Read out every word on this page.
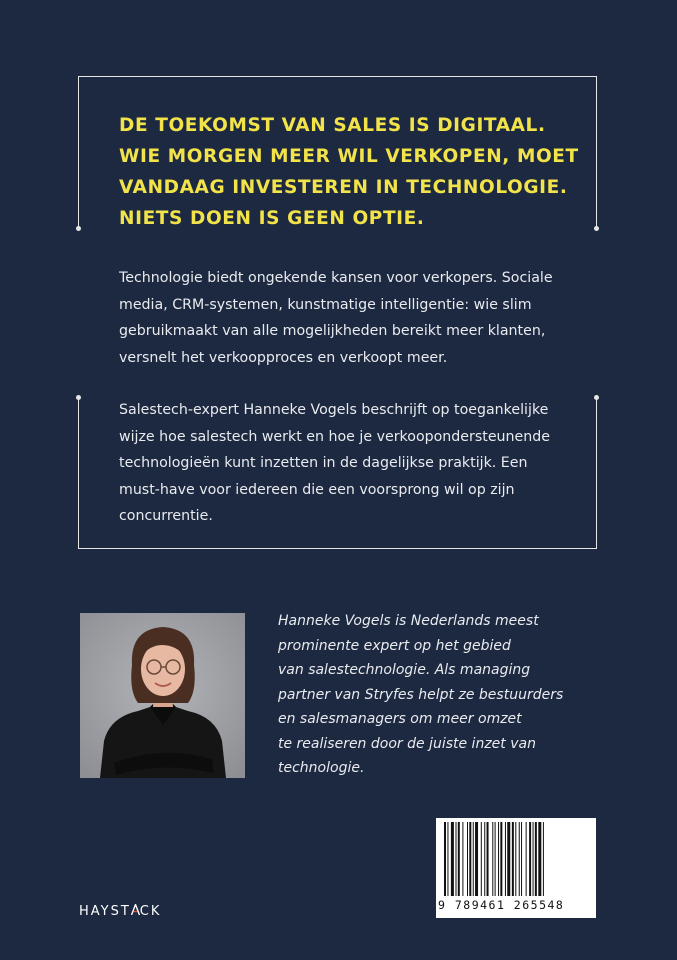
DE TOEKOMST VAN SALES IS DIGITAAL.
WIE MORGEN MEER WIL VERKOPEN, MOET
VANDAAG INVESTEREN IN TECHNOLOGIE.
NIETS DOEN IS GEEN OPTIE.

Technologie biedt ongekende kansen voor verkopers. Sociale
media, CRM-systemen, kunstmatige intelligentie: wie slim
gebruikmaakt van alle mogelijkheden bereikt meer klanten,
versnelt het verkoopproces en verkoopt meer.

Salestech-expert Hanneke Vogels beschrijft op toegankelijke
wijze hoe salestech werkt en hoe je verkoopondersteunende
technologieën kunt inzetten in de dagelijkse praktijk. Een
must-have voor iedereen die een voorsprong wil op zijn
concurrentie.

Hanneke Vogels is Nederlands meest
prominente expert op het gebied
van salestechnologie. Als managing
partner van Stryfes helpt ze bestuurders
en salesmanagers om meer omzet
te realiseren door de juiste inzet van
technologie.

HAYST CK	9 789461 265548
